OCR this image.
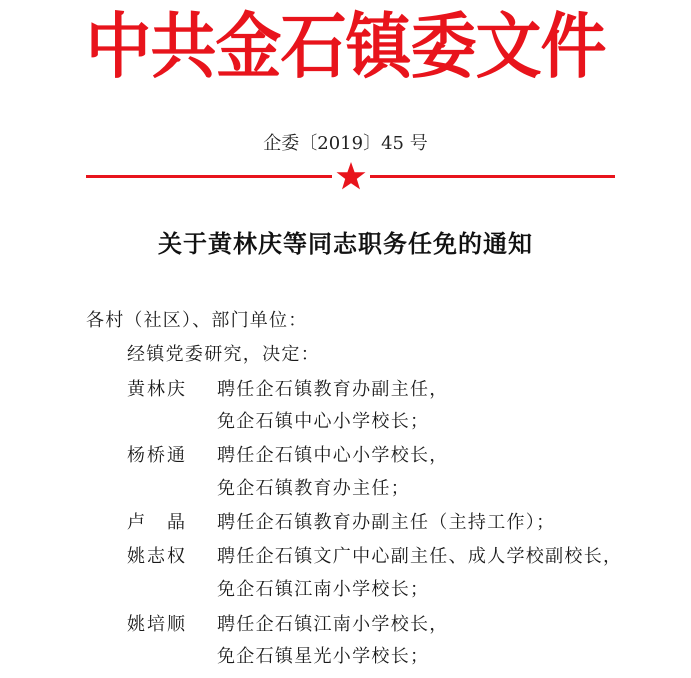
中共金石镇委文件
企委〔2019〕45 号
关于黄林庆等同志职务任免的通知
各村（社区）、部门单位：
经镇党委研究，决定：
黄林庆 聘任企石镇教育办副主任，
免企石镇中心小学校长；
杨桥通 聘任企石镇中心小学校长，
免企石镇教育办主任；
卢　晶 聘任企石镇教育办副主任（主持工作）；
姚志权 聘任企石镇文广中心副主任、成人学校副校长，
免企石镇江南小学校长；
姚培顺 聘任企石镇江南小学校长，
免企石镇星光小学校长；
